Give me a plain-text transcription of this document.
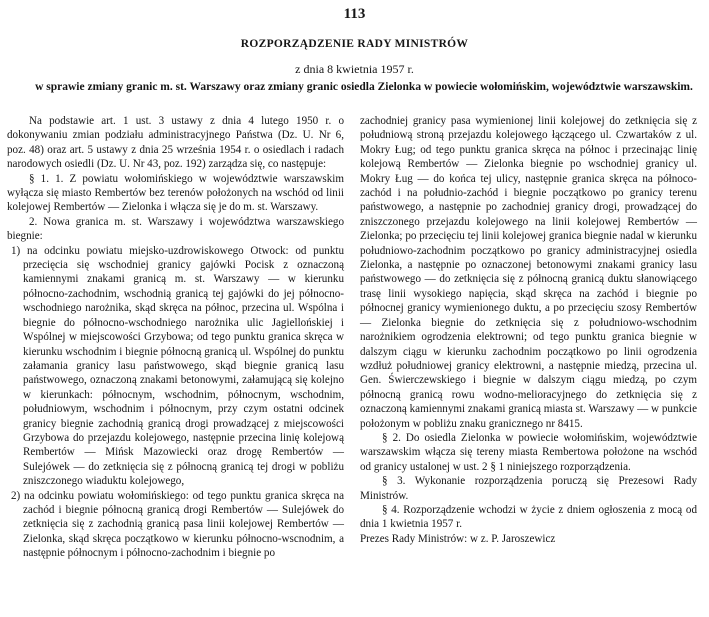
113
ROZPORZĄDZENIE RADY MINISTRÓW
z dnia 8 kwietnia 1957 r.
w sprawie zmiany granic m. st. Warszawy oraz zmiany granic osiedla Zielonka w powiecie wołomińskim, województwie warszawskim.

Na podstawie art. 1 ust. 3 ustawy z dnia 4 lutego 1950 r. o dokonywaniu zmian podziału administracyjnego Państwa (Dz. U. Nr 6, poz. 48) oraz art. 5 ustawy z dnia 25 września 1954 r. o osiedlach i radach narodowych osiedli (Dz. U. Nr 43, poz. 192) zarządza się, co następuje:

§ 1. 1. Z powiatu wołomińskiego w województwie warszawskim wyłącza się miasto Rembertów bez terenów położonych na wschód od linii kolejowej Rembertów — Zielonka i włącza się je do m. st. Warszawy.

2. Nowa granica m. st. Warszawy i województwa warszawskiego biegnie:

1) na odcinku powiatu miejsko-uzdrowiskowego Otwock: od punktu przecięcia się wschodniej granicy gajówki Pocisk z oznaczoną kamiennymi znakami granicą m. st. Warszawy — w kierunku północno-zachodnim, wschodnią granicą tej gajówki do jej północno-wschodniego narożnika, skąd skręca na północ, przecina ul. Wspólna i biegnie do północno-wschodniego narożnika ulic Jagiellońskiej i Wspólnej w miejscowości Grzybowa; od tego punktu granica skręca w kierunku wschodnim i biegnie północną granicą ul. Wspólnej do punktu załamania granicy lasu państwowego, skąd biegnie granicą lasu państwowego, oznaczoną znakami betonowymi, załamującą się kolejno w kierunkach: północnym, wschodnim, północnym, wschodnim, południowym, wschodnim i północnym, przy czym ostatni odcinek granicy biegnie zachodnią granicą drogi prowadzącej z miejscowości Grzybowa do przejazdu kolejowego, następnie przecina linię kolejową Rembertów — Mińsk Mazowiecki oraz drogę Rembertów — Sulejówek — do zetknięcia się z północną granicą tej drogi w pobliżu zniszczonego wiaduktu kolejowego,

2) na odcinku powiatu wołomińskiego: od tego punktu granica skręca na zachód i biegnie północną granicą drogi Rembertów — Sulejówek do zetknięcia się z zachodnią granicą pasa linii kolejowej Rembertów — Zielonka, skąd skręca początkowo w kierunku północno-wscnodnim, a następnie północnym i północno-zachodnim i biegnie po

zachodniej granicy pasa wymienionej linii kolejowej do zetknięcia się z południową stroną przejazdu kolejowego łączącego ul. Czwartaków z ul. Mokry Ług; od tego punktu granica skręca na północ i przecinając linię kolejową Rembertów — Zielonka biegnie po wschodniej granicy ul. Mokry Ług — do końca tej ulicy, następnie granica skręca na północo-zachód i na południo-zachód i biegnie początkowo po granicy terenu państwowego, a następnie po zachodniej granicy drogi, prowadzącej do zniszczonego przejazdu kolejowego na linii kolejowej Rembertów — Zielonka; po przecięciu tej linii kolejowej granica biegnie nadal w kierunku południowo-zachodnim początkowo po granicy administracyjnej osiedla Zielonka, a następnie po oznaczonej betonowymi znakami granicy lasu państwowego — do zetknięcia się z północną granicą duktu słanowiącego trasę linii wysokiego napięcia, skąd skręca na zachód i biegnie po północnej granicy wymienionego duktu, a po przecięciu szosy Rembertów — Zielonka biegnie do zetknięcia się z południowo-wschodnim narożnikiem ogrodzenia elektrowni; od tego punktu granica biegnie w dalszym ciągu w kierunku zachodnim początkowo po linii ogrodzenia wzdłuż południowej granicy elektrowni, a następnie miedzą, przecina ul. Gen. Świerczewskiego i biegnie w dalszym ciągu miedzą, po czym północną granicą rowu wodno-melioracyjnego do zetknięcia się z oznaczoną kamiennymi znakami granicą miasta st. Warszawy — w punkcie położonym w pobliżu znaku granicznego nr 8415.

§ 2. Do osiedla Zielonka w powiecie wołomińskim, województwie warszawskim włącza się tereny miasta Rembertowa położone na wschód od granicy ustalonej w ust. 2 § 1 niniejszego rozporządzenia.

§ 3. Wykonanie rozporządzenia poruczą się Prezesowi Rady Ministrów.

§ 4. Rozporządzenie wchodzi w życie z dniem ogłoszenia z mocą od dnia 1 kwietnia 1957 r.

Prezes Rady Ministrów: w z. P. Jaroszewicz
